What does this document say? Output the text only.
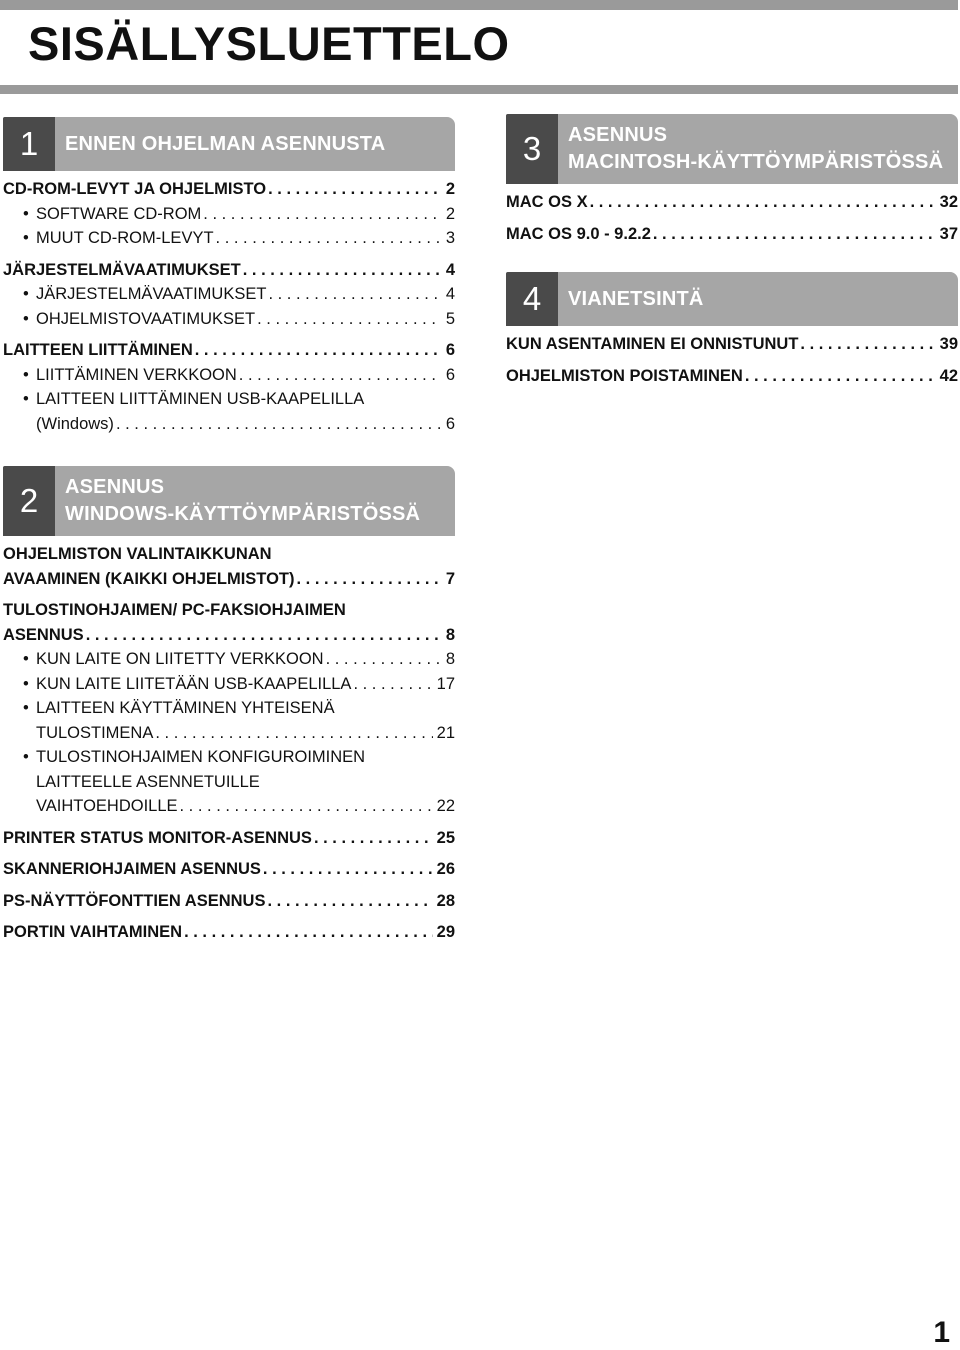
SISÄLLYSLUETTELO
1	ENNEN OHJELMAN ASENNUSTA
CD-ROM-LEVYT JA OHJELMISTO . . .	2
• SOFTWARE CD-ROM . . .	2
• MUUT CD-ROM-LEVYT . . .	3
JÄRJESTELMÄVAATIMUKSET . . .	4
• JÄRJESTELMÄVAATIMUKSET . . .	4
• OHJELMISTOVAATIMUKSET . . .	5
LAITTEEN LIITTÄMINEN . . .	6
• LIITTÄMINEN VERKKOON . . .	6
• LAITTEEN LIITTÄMINEN USB-KAAPELILLA
(Windows) . . .	6
2	ASENNUS
WINDOWS-KÄYTTÖYMPÄRISTÖSSÄ
OHJELMISTON VALINTAIKKUNAN
AVAAMINEN (KAIKKI OHJELMISTOT) . . .	7
TULOSTINOHJAIMEN/ PC-FAKSIOHJAIMEN
ASENNUS . . .	8
• KUN LAITE ON LIITETTY VERKKOON . . .	8
• KUN LAITE LIITETÄÄN USB-KAAPELILLA . . .	17
• LAITTEEN KÄYTTÄMINEN YHTEISENÄ
TULOSTIMENA . . .	21
• TULOSTINOHJAIMEN KONFIGUROIMINEN
LAITTEELLE ASENNETUILLE
VAIHTOEHDOILLE . . .	22
PRINTER STATUS MONITOR-ASENNUS . . .	25
SKANNERIOHJAIMEN ASENNUS . . .	26
PS-NÄYTTÖFONTTIEN ASENNUS . . .	28
PORTIN VAIHTAMINEN . . .	29
3	ASENNUS
MACINTOSH-KÄYTTÖYMPÄRISTÖSSÄ
MAC OS X . . .	32
MAC OS 9.0 - 9.2.2 . . .	37
4	VIANETSINTÄ
KUN ASENTAMINEN EI ONNISTUNUT . . .	39
OHJELMISTON POISTAMINEN . . .	42
1
